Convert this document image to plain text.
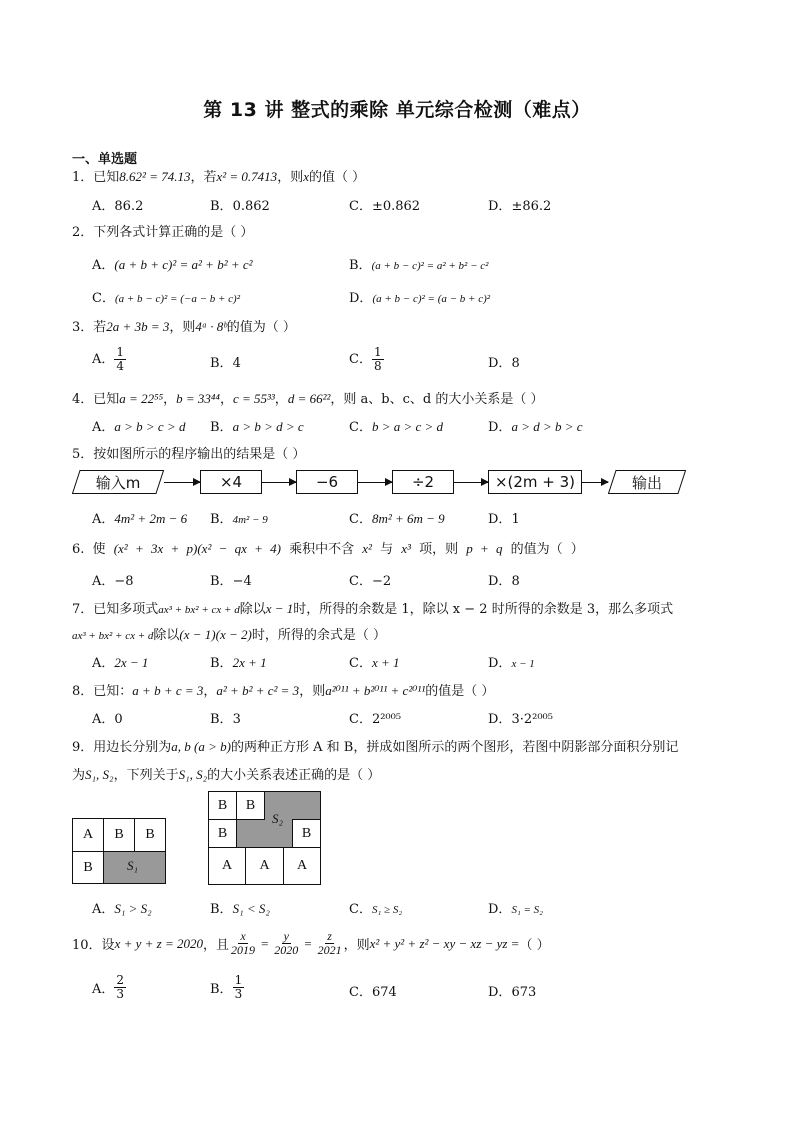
第 13 讲 整式的乘除 单元综合检测（难点）
一、单选题
1．已知8.62² = 74.13，若x² = 0.7413，则x的值（ ）
A．86.2	B．0.862	C．±0.862	D．±86.2
2．下列各式计算正确的是（ ）
A．(a + b + c)² = a² + b² + c²	B．(a + b − c)² = a² + b² − c²
C．(a + b − c)² = (−a − b + c)²	D．(a + b − c)² = (a − b + c)²
3．若2a + 3b = 3，则4ᵃ · 8ᵇ的值为（ ）
A． $\frac{1}{4}$	B．4	C． $\frac{1}{8}$	D．8
4．已知a = 22⁵⁵，b = 33⁴⁴，c = 55³³，d = 66²²，则 a、b、c、d 的大小关系是（ ）
A．a > b > c > d B．a > b > d > c	C．b > a > c > d	D．a > d > b > c
5．按如图所示的程序输出的结果是（ ）
输入m	×4	−6	÷2	×(2m + 3)	输出
A．4m² + 2m − 6 B．4m² − 9	C．8m² + 6m − 9	D．1
6. 使 (x² + 3x + p)(x² − qx + 4) 乘积中不含 x² 与 x³ 项，则 p + q 的值为（ ）
A．−8	B．−4	C．−2	D．8
7．已知多项式ax³ + bx² + cx + d除以x − 1时，所得的余数是 1，除以 x − 2 时所得的余数是 3，那么多项式
ax³ + bx² + cx + d除以(x − 1)(x − 2)时，所得的余式是（ ）
A．2x − 1	B．2x + 1	C．x + 1	D．x − 1
8．已知：a + b + c = 3，a² + b² + c² = 3，则a²⁰¹¹ + b²⁰¹¹ + c²⁰¹¹的值是（ ）
A．0	B．3	C．2²⁰⁰⁵	D．3·2²⁰⁰⁵
9．用边长分别为a, b (a > b)的两种正方形 A 和 B，拼成如图所示的两个图形，若图中阴影部分面积分别记
为S₁, S₂，下列关于S₁, S₂的大小关系表述正确的是（ ）
A	B	B
B	S₁
B	B
B	B
A	A	A
S₂
A．S₁ > S₂	B．S₁ < S₂	C．S₁ ≥ S₂	D．S₁ = S₂
10． 设 x + y + z = 2020 ，且 $\frac{x}{2019} = \frac{y}{2020} = \frac{z}{2021}$ ，则 x² + y² + z² − xy − xz − yz = （ ）
A． $\frac{2}{3}$	B． $\frac{1}{3}$	C．674	D．673
